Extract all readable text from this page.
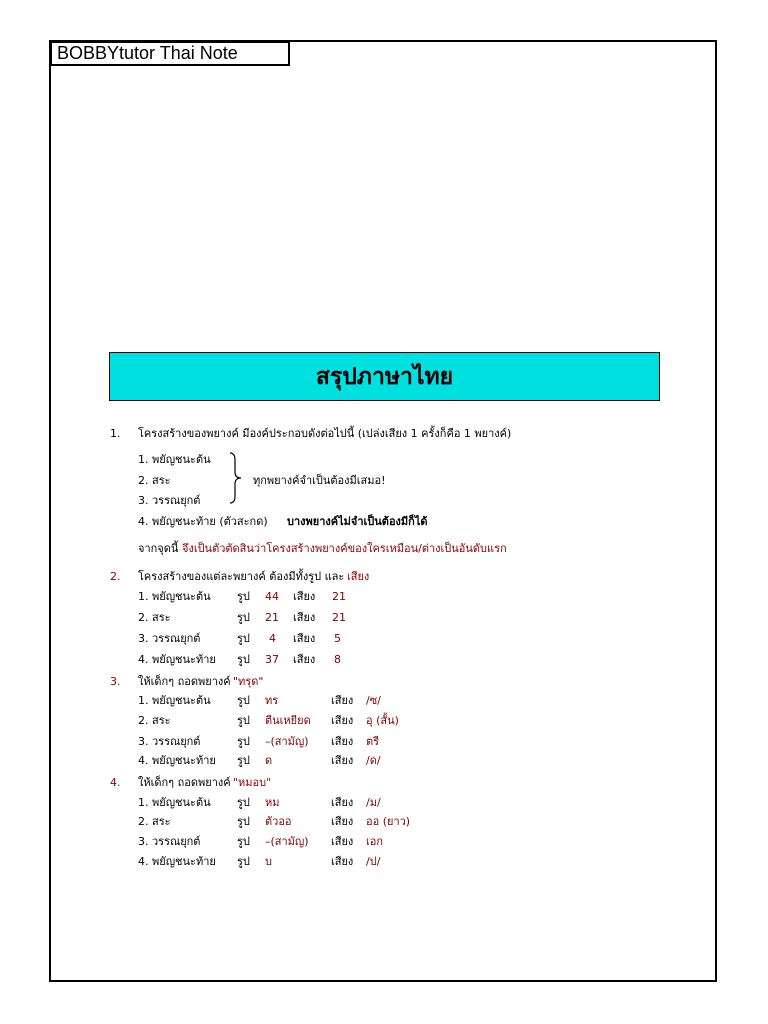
BOBBYtutor Thai Note
สรุปภาษาไทย
1. โครงสร้างของพยางค์ มีองค์ประกอบดังต่อไปนี้ (เปล่งเสียง 1 ครั้งก็คือ 1 พยางค์)
1. พยัญชนะต้น
2. สระ
3. วรรณยุกต์
ทุกพยางค์จำเป็นต้องมีเสมอ!
4. พยัญชนะท้าย (ตัวสะกด) บางพยางค์ไม่จำเป็นต้องมีก็ได้
จากจุดนี้ จึงเป็นตัวตัดสินว่าโครงสร้างพยางค์ของใครเหมือน/ต่างเป็นอันดับแรก
2. โครงสร้างของแต่ละพยางค์ ต้องมีทั้งรูป และ เสียง
1. พยัญชนะต้น รูป 44 เสียง 21
2. สระ	รูป 21 เสียง 21
3. วรรณยุกต์	รูป 4 เสียง 5
4. พยัญชนะท้าย รูป 37 เสียง 8
3. ให้เด็กๆ ถอดพยางค์ "ทรุด"
1. พยัญชนะต้น รูป ทร	เสียง /ซ/
2. สระ	รูป ตีนเหยียด เสียง อุ (สั้น)
3. วรรณยุกต์	รูป –(สามัญ) เสียง ตรี
4. พยัญชนะท้าย รูป ด	เสียง /ด/
4. ให้เด็กๆ ถอดพยางค์ "หมอบ"
1. พยัญชนะต้น รูป หม	เสียง /ม/
2. สระ	รูป ตัวออ	เสียง ออ (ยาว)
3. วรรณยุกต์	รูป –(สามัญ) เสียง เอก
4. พยัญชนะท้าย รูป บ	เสียง /ป/
